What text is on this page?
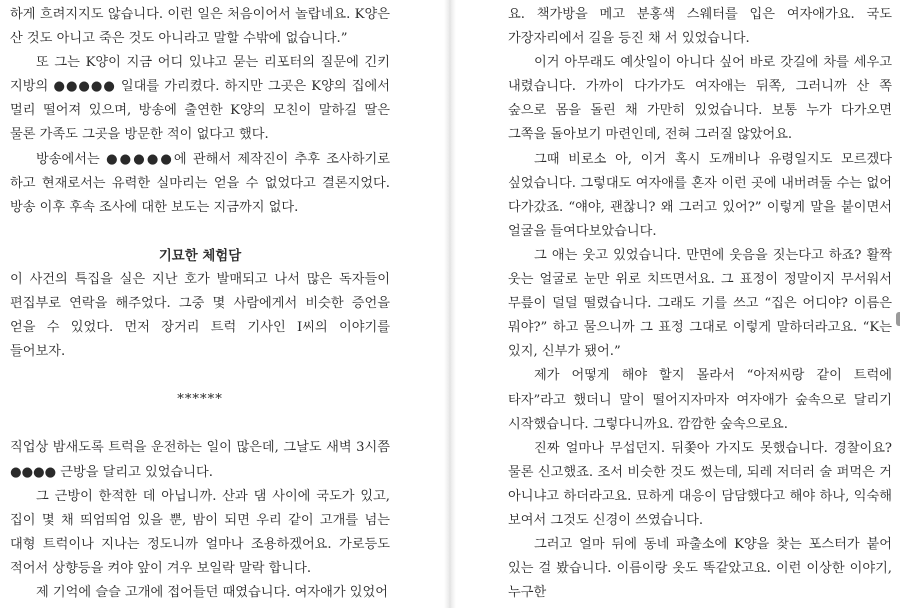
하게 흐려지지도 않습니다. 이런 일은 처음이어서 놀랍네요. K양은 산 것도 아니고 죽은 것도 아니라고 말할 수밖에 없습니다.”

또 그는 K양이 지금 어디 있냐고 묻는 리포터의 질문에 긴키 지방의 ●●●●● 일대를 가리켰다. 하지만 그곳은 K양의 집에서 멀리 떨어져 있으며, 방송에 출연한 K양의 모친이 말하길 딸은 물론 가족도 그곳을 방문한 적이 없다고 했다.

방송에서는 ●●●●●에 관해서 제작진이 추후 조사하기로 하고 현재로서는 유력한 실마리는 얻을 수 없었다고 결론지었다. 방송 이후 후속 조사에 대한 보도는 지금까지 없다.

기묘한 체험담

이 사건의 특집을 실은 지난 호가 발매되고 나서 많은 독자들이 편집부로 연락을 해주었다. 그중 몇 사람에게서 비슷한 증언을 얻을 수 있었다. 먼저 장거리 트럭 기사인 I씨의 이야기를 들어보자.

******

직업상 밤새도록 트럭을 운전하는 일이 많은데, 그날도 새벽 3시쯤 ●●●● 근방을 달리고 있었습니다.

그 근방이 한적한 데 아닙니까. 산과 댐 사이에 국도가 있고, 집이 몇 채 띄엄띄엄 있을 뿐, 밤이 되면 우리 같이 고개를 넘는 대형 트럭이나 지나는 정도니까 얼마나 조용하겠어요. 가로등도 적어서 상향등을 켜야 앞이 겨우 보일락 말락 합니다.

제 기억에 슬슬 고개에 접어들던 때였습니다. 여자애가 있었어

요. 책가방을 메고 분홍색 스웨터를 입은 여자애가요. 국도 가장자리에서 길을 등진 채 서 있었습니다.

이거 아무래도 예삿일이 아니다 싶어 바로 갓길에 차를 세우고 내렸습니다. 가까이 다가가도 여자애는 뒤쪽, 그러니까 산 쪽 숲으로 몸을 돌린 채 가만히 있었습니다. 보통 누가 다가오면 그쪽을 돌아보기 마련인데, 전혀 그러질 않았어요.

그때 비로소 아, 이거 혹시 도깨비나 유령일지도 모르겠다 싶었습니다. 그렇대도 여자애를 혼자 이런 곳에 내버려둘 수는 없어 다가갔죠. “얘야, 괜찮니? 왜 그러고 있어?” 이렇게 말을 붙이면서 얼굴을 들여다보았습니다.

그 애는 웃고 있었습니다. 만면에 웃음을 짓는다고 하죠? 활짝 웃는 얼굴로 눈만 위로 치뜨면서요. 그 표정이 정말이지 무서워서 무릎이 덜덜 떨렸습니다. 그래도 기를 쓰고 “집은 어디야? 이름은 뭐야?” 하고 물으니까 그 표정 그대로 이렇게 말하더라고요. “K는 있지, 신부가 됐어.”

제가 어떻게 해야 할지 몰라서 “아저씨랑 같이 트럭에 타자”라고 했더니 말이 떨어지자마자 여자애가 숲속으로 달리기 시작했습니다. 그렇다니까요. 깜깜한 숲속으로요.

진짜 얼마나 무섭던지. 뒤쫓아 가지도 못했습니다. 경찰이요? 물론 신고했죠. 조서 비슷한 것도 썼는데, 되레 저더러 술 퍼먹은 거 아니냐고 하더라고요. 묘하게 대응이 담담했다고 해야 하나, 익숙해 보여서 그것도 신경이 쓰였습니다.

그러고 얼마 뒤에 동네 파출소에 K양을 찾는 포스터가 붙어 있는 걸 봤습니다. 이름이랑 옷도 똑같았고요. 이런 이상한 이야기, 누구한
